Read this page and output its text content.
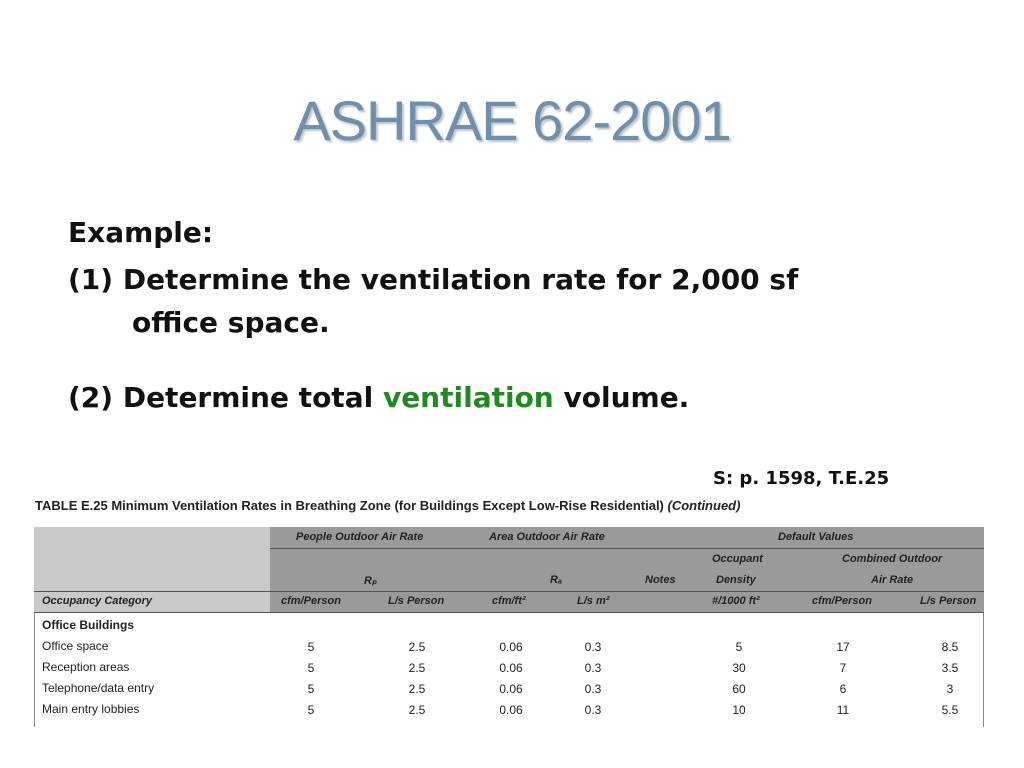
ASHRAE 62-2001
Example:
(1) Determine the ventilation rate for 2,000 sf
office space.
(2) Determine total ventilation volume.
S: p. 1598, T.E.25
TABLE E.25 Minimum Ventilation Rates in Breathing Zone (for Buildings Except Low-Rise Residential) (Continued)
People Outdoor Air Rate	Area Outdoor Air Rate	Default Values
Occupant
Density
Combined Outdoor
Air Rate
Rₚ	Rₐ	Notes
Occupancy Category	cfm/Person	L/s Person	cfm/ft²	L/s m²	#/1000 ft²	cfm/Person	L/s Person
Office Buildings
Office space	5	2.5	0.06	0.3	5	17	8.5
Reception areas	5	2.5	0.06	0.3	30	7	3.5
Telephone/data entry	5	2.5	0.06	0.3	60	6	3
Main entry lobbies	5	2.5	0.06	0.3	10	11	5.5
